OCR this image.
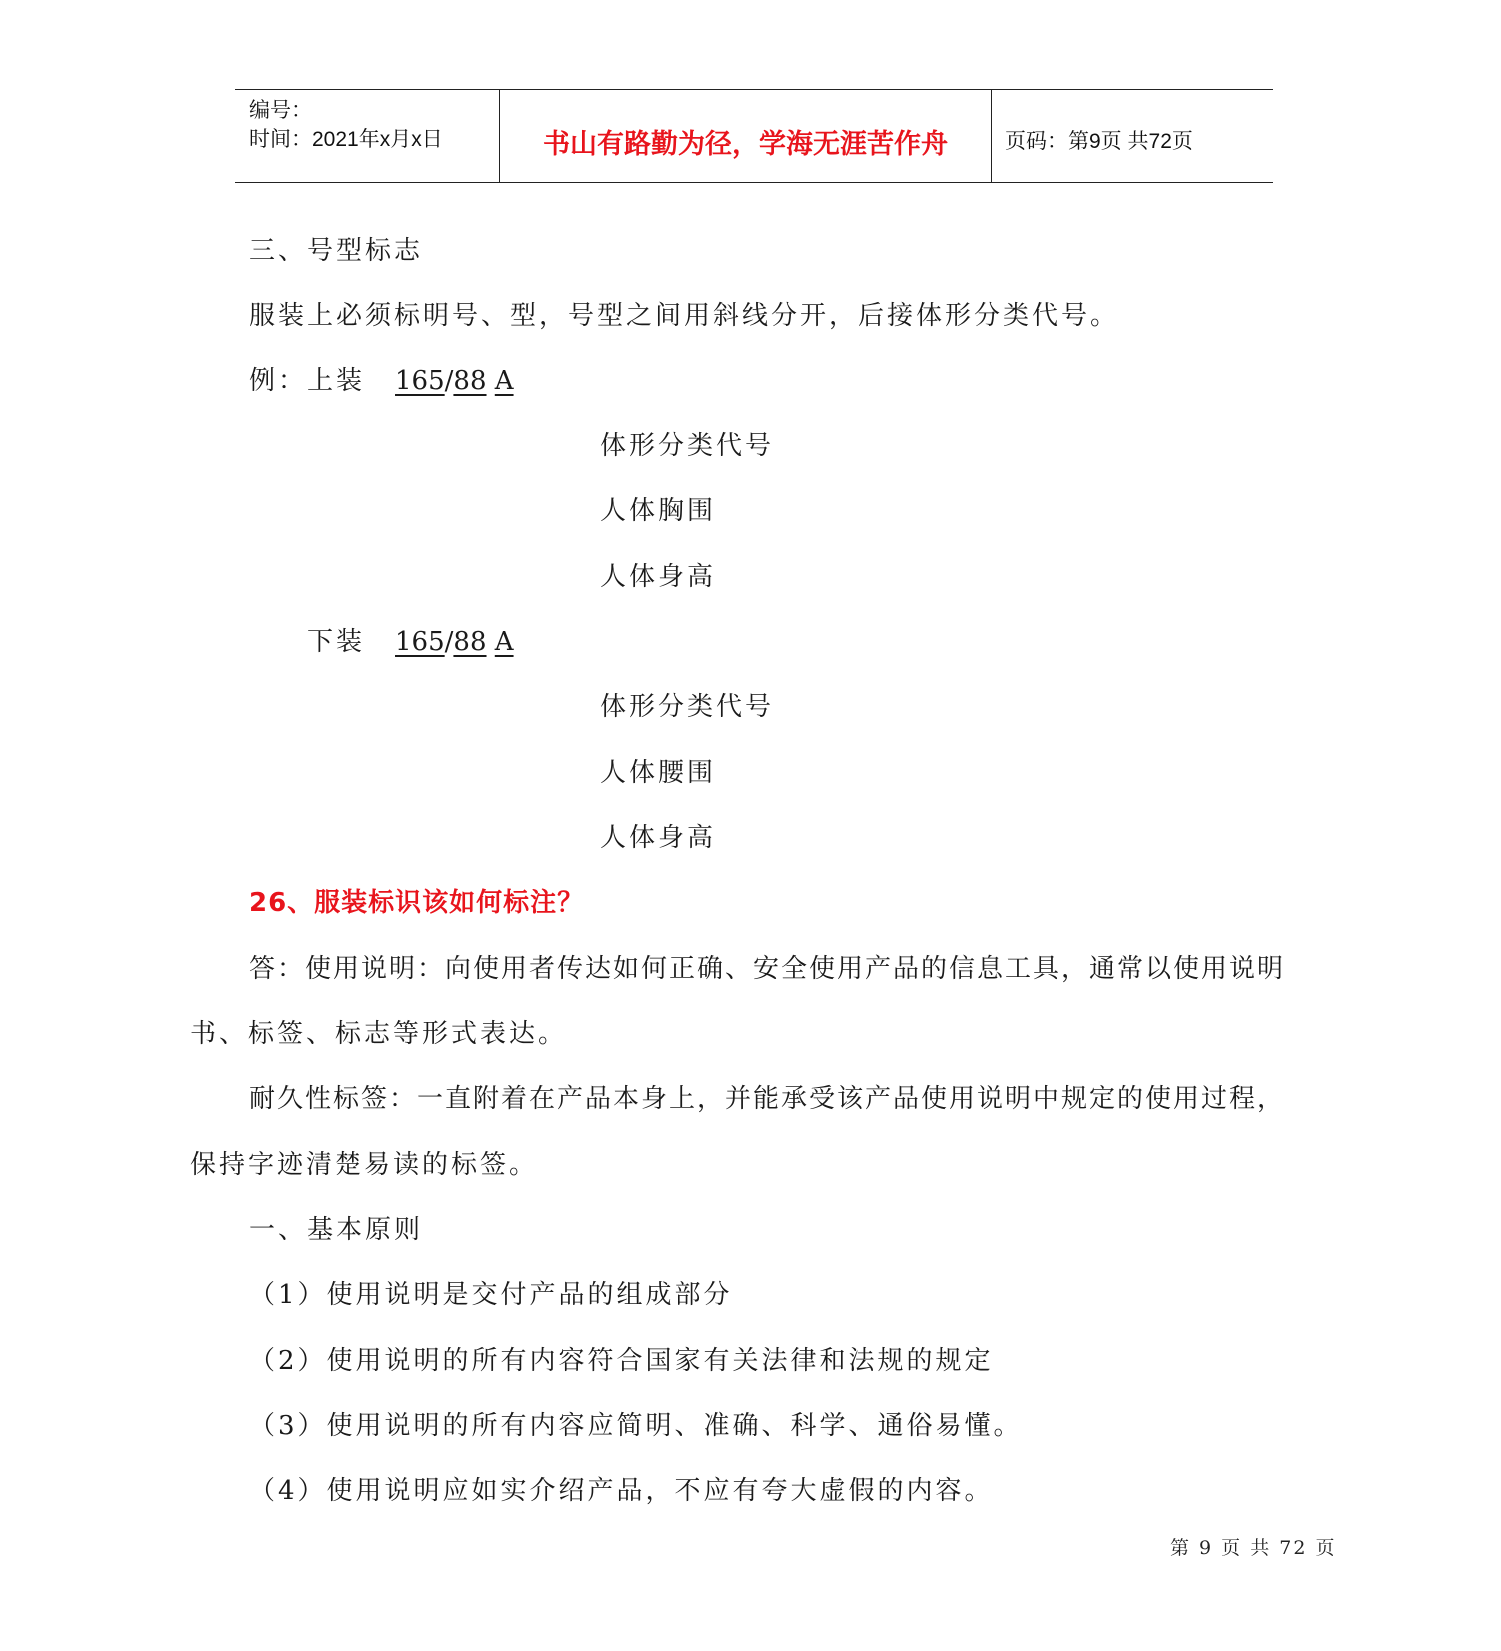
编号：
时间：2021年x月x日	书山有路勤为径，学海无涯苦作舟	页码：第9页 共72页
三、号型标志
服装上必须标明号、型，号型之间用斜线分开，后接体形分类代号。
例：上装 165/88 A
体形分类代号
人体胸围
人体身高
下装 165/88 A
体形分类代号
人体腰围
人体身高
26、服装标识该如何标注？
答：使用说明：向使用者传达如何正确、安全使用产品的信息工具，通常以使用说明
书、标签、标志等形式表达。
耐久性标签：一直附着在产品本身上，并能承受该产品使用说明中规定的使用过程，
保持字迹清楚易读的标签。
一、基本原则
（1）使用说明是交付产品的组成部分
（2）使用说明的所有内容符合国家有关法律和法规的规定
（3）使用说明的所有内容应简明、准确、科学、通俗易懂。
（4）使用说明应如实介绍产品，不应有夸大虚假的内容。
第 9 页 共 72 页
